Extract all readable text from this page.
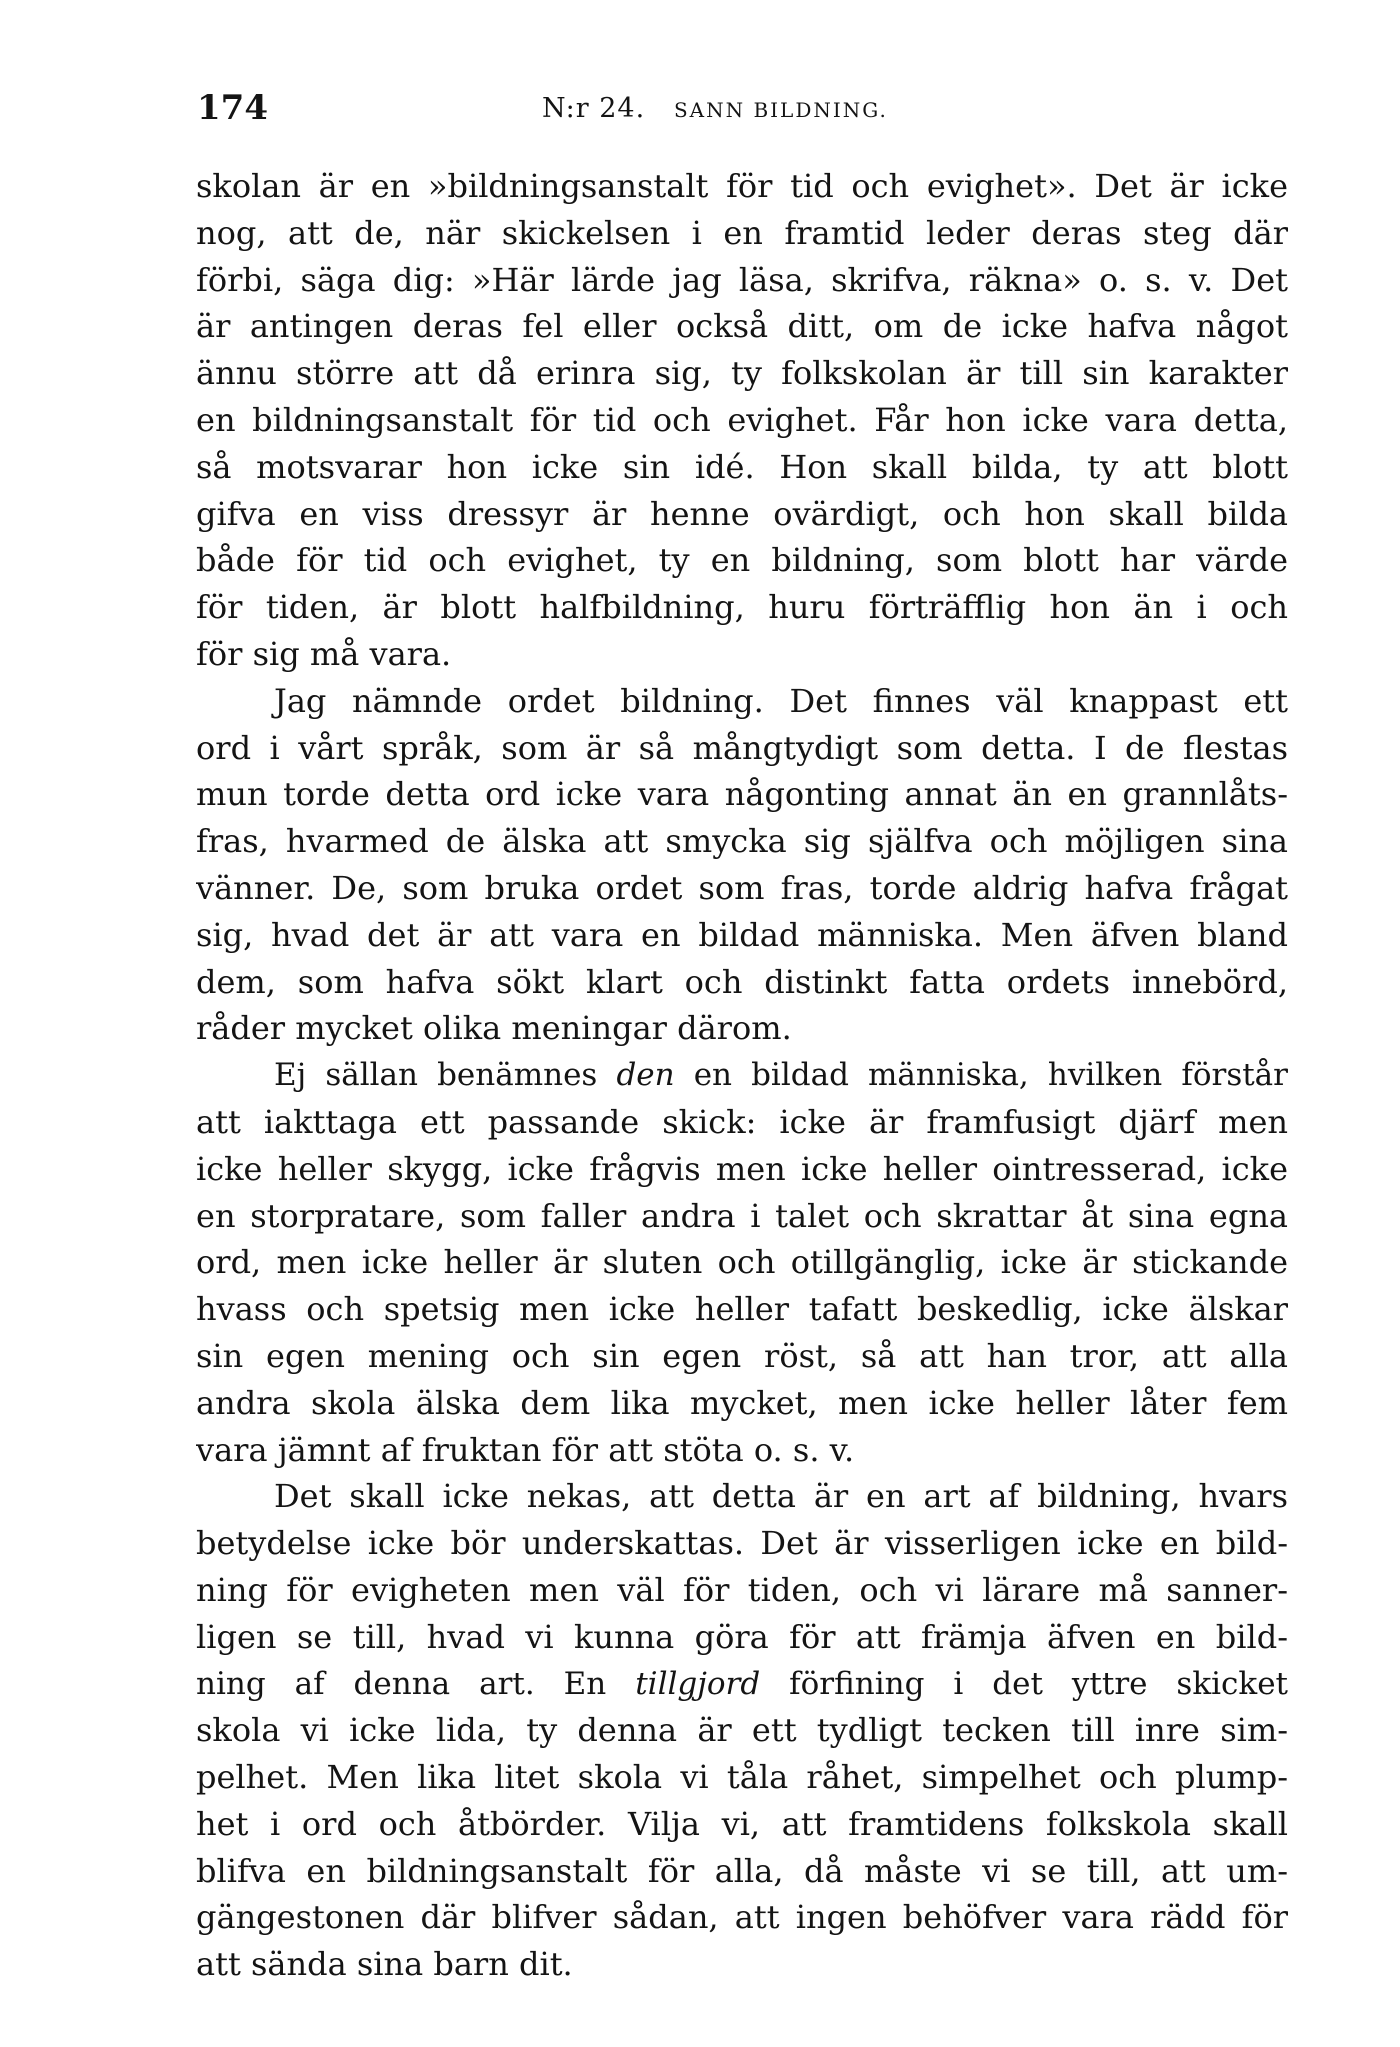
174	N:r 24. SANN BILDNING.
skolan är en »bildningsanstalt för tid och evighet». Det är icke
nog, att de, när skickelsen i en framtid leder deras steg där
förbi, säga dig: »Här lärde jag läsa, skrifva, räkna» o. s. v. Det
är antingen deras fel eller också ditt, om de icke hafva något
ännu större att då erinra sig, ty folkskolan är till sin karakter
en bildningsanstalt för tid och evighet. Får hon icke vara detta,
så motsvarar hon icke sin idé. Hon skall bilda, ty att blott
gifva en viss dressyr är henne ovärdigt, och hon skall bilda
både för tid och evighet, ty en bildning, som blott har värde
för tiden, är blott halfbildning, huru förträfflig hon än i och
för sig må vara.
Jag nämnde ordet bildning. Det finnes väl knappast ett
ord i vårt språk, som är så mångtydigt som detta. I de flestas
mun torde detta ord icke vara någonting annat än en grannlåts-
fras, hvarmed de älska att smycka sig själfva och möjligen sina
vänner. De, som bruka ordet som fras, torde aldrig hafva frågat
sig, hvad det är att vara en bildad människa. Men äfven bland
dem, som hafva sökt klart och distinkt fatta ordets innebörd,
råder mycket olika meningar därom.
Ej sällan benämnes den en bildad människa, hvilken förstår
att iakttaga ett passande skick: icke är framfusigt djärf men
icke heller skygg, icke frågvis men icke heller ointresserad, icke
en storpratare, som faller andra i talet och skrattar åt sina egna
ord, men icke heller är sluten och otillgänglig, icke är stickande
hvass och spetsig men icke heller tafatt beskedlig, icke älskar
sin egen mening och sin egen röst, så att han tror, att alla
andra skola älska dem lika mycket, men icke heller låter fem
vara jämnt af fruktan för att stöta o. s. v.
Det skall icke nekas, att detta är en art af bildning, hvars
betydelse icke bör underskattas. Det är visserligen icke en bild-
ning för evigheten men väl för tiden, och vi lärare må sanner-
ligen se till, hvad vi kunna göra för att främja äfven en bild-
ning af denna art. En tillgjord förfining i det yttre skicket
skola vi icke lida, ty denna är ett tydligt tecken till inre sim-
pelhet. Men lika litet skola vi tåla råhet, simpelhet och plump-
het i ord och åtbörder. Vilja vi, att framtidens folkskola skall
blifva en bildningsanstalt för alla, då måste vi se till, att um-
gängestonen där blifver sådan, att ingen behöfver vara rädd för
att sända sina barn dit.
